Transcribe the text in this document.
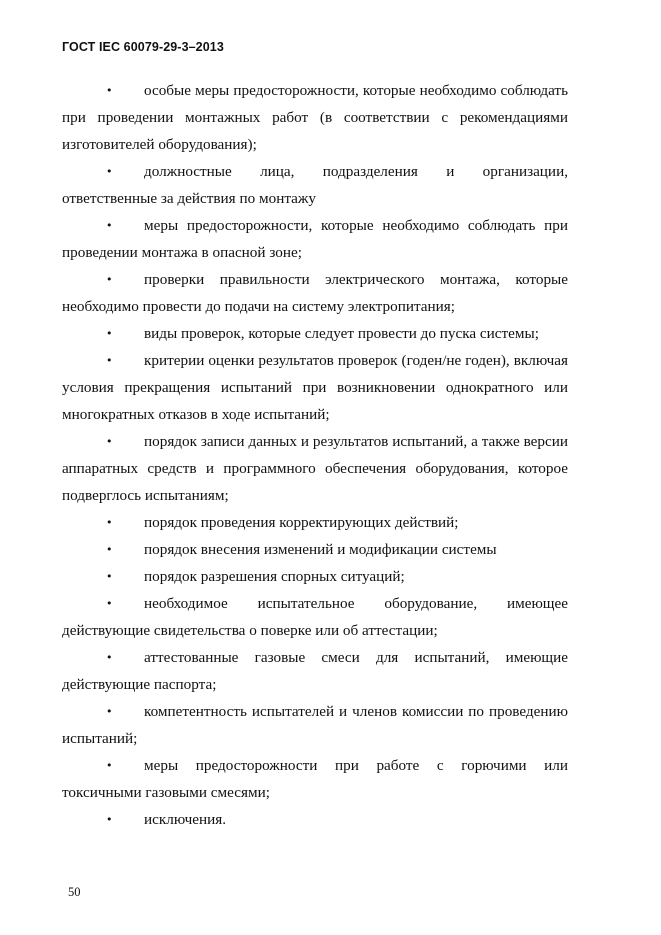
ГОСТ IEC 60079-29-3–2013

• особые меры предосторожности, которые необходимо соблюдать при проведении монтажных работ (в соответствии с рекомендациями изготовителей оборудования);

• должностные лица, подразделения и организации, ответственные за действия по монтажу

• меры предосторожности, которые необходимо соблюдать при проведении монтажа в опасной зоне;

• проверки правильности электрического монтажа, которые необходимо провести до подачи на систему электропитания;

• виды проверок, которые следует провести до пуска системы;

• критерии оценки результатов проверок (годен/не годен), включая условия прекращения испытаний при возникновении однократного или многократных отказов в ходе испытаний;

• порядок записи данных и результатов испытаний, а также версии аппаратных средств и программного обеспечения оборудования, которое подверглось испытаниям;

• порядок проведения корректирующих действий;

• порядок внесения изменений и модификации системы

• порядок разрешения спорных ситуаций;

• необходимое испытательное оборудование, имеющее действующие свидетельства о поверке или об аттестации;

• аттестованные газовые смеси для испытаний, имеющие действующие паспорта;

• компетентность испытателей и членов комиссии по проведению испытаний;

• меры предосторожности при работе с горючими или токсичными газовыми смесями;

• исключения.

50
